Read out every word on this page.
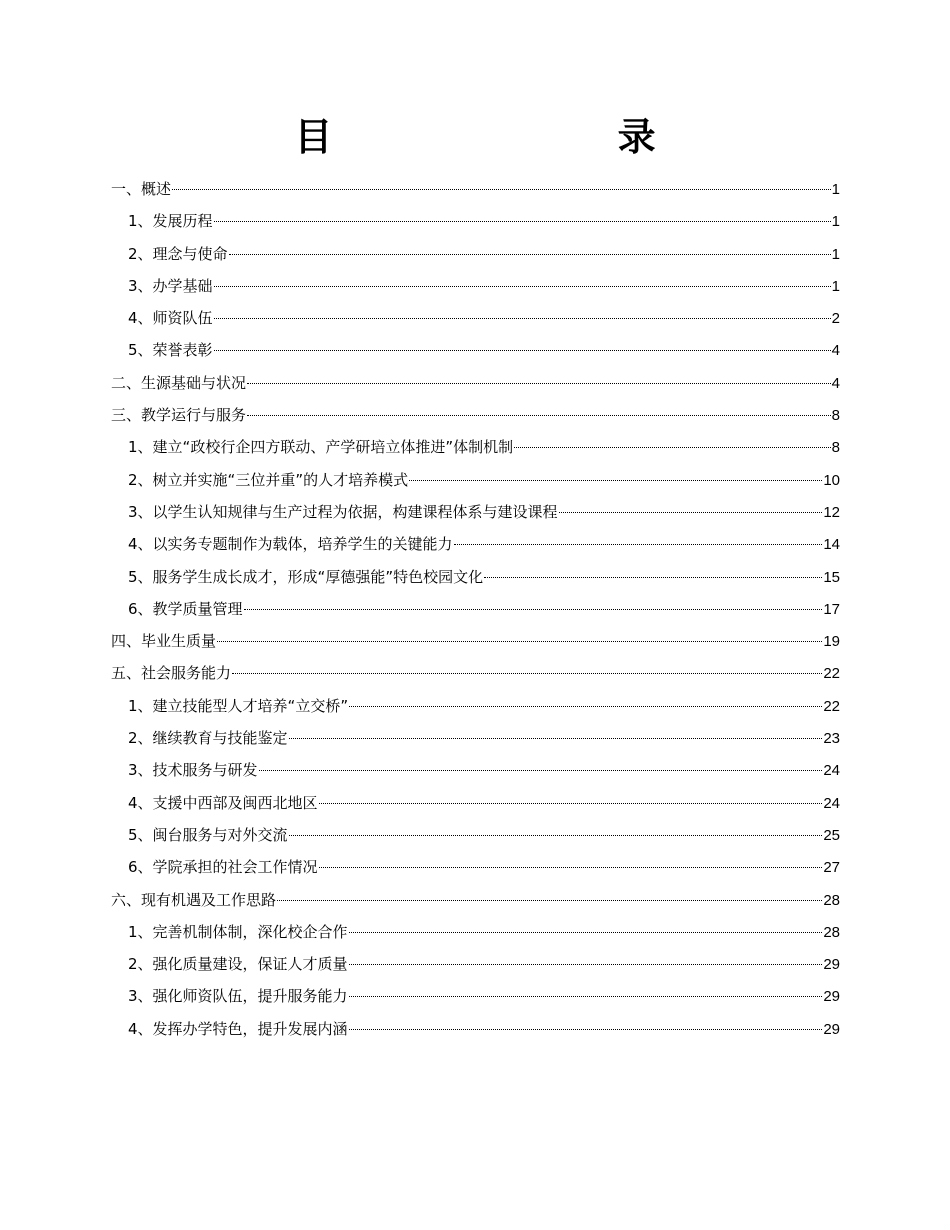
目 录
一、概述	1
1、发展历程	1
2、理念与使命	1
3、办学基础	1
4、师资队伍	2
5、荣誉表彰	4
二、生源基础与状况	4
三、教学运行与服务	8
1、建立“政校行企四方联动、产学研培立体推进”体制机制	8
2、树立并实施“三位并重”的人才培养模式	10
3、以学生认知规律与生产过程为依据，构建课程体系与建设课程	12
4、以实务专题制作为载体，培养学生的关键能力	14
5、服务学生成长成才，形成“厚德强能”特色校园文化	15
6、教学质量管理	17
四、毕业生质量	19
五、社会服务能力	22
1、建立技能型人才培养“立交桥”	22
2、继续教育与技能鉴定	23
3、技术服务与研发	24
4、支援中西部及闽西北地区	24
5、闽台服务与对外交流	25
6、学院承担的社会工作情况	27
六、现有机遇及工作思路	28
1、完善机制体制，深化校企合作	28
2、强化质量建设，保证人才质量	29
3、强化师资队伍，提升服务能力	29
4、发挥办学特色，提升发展内涵	29
